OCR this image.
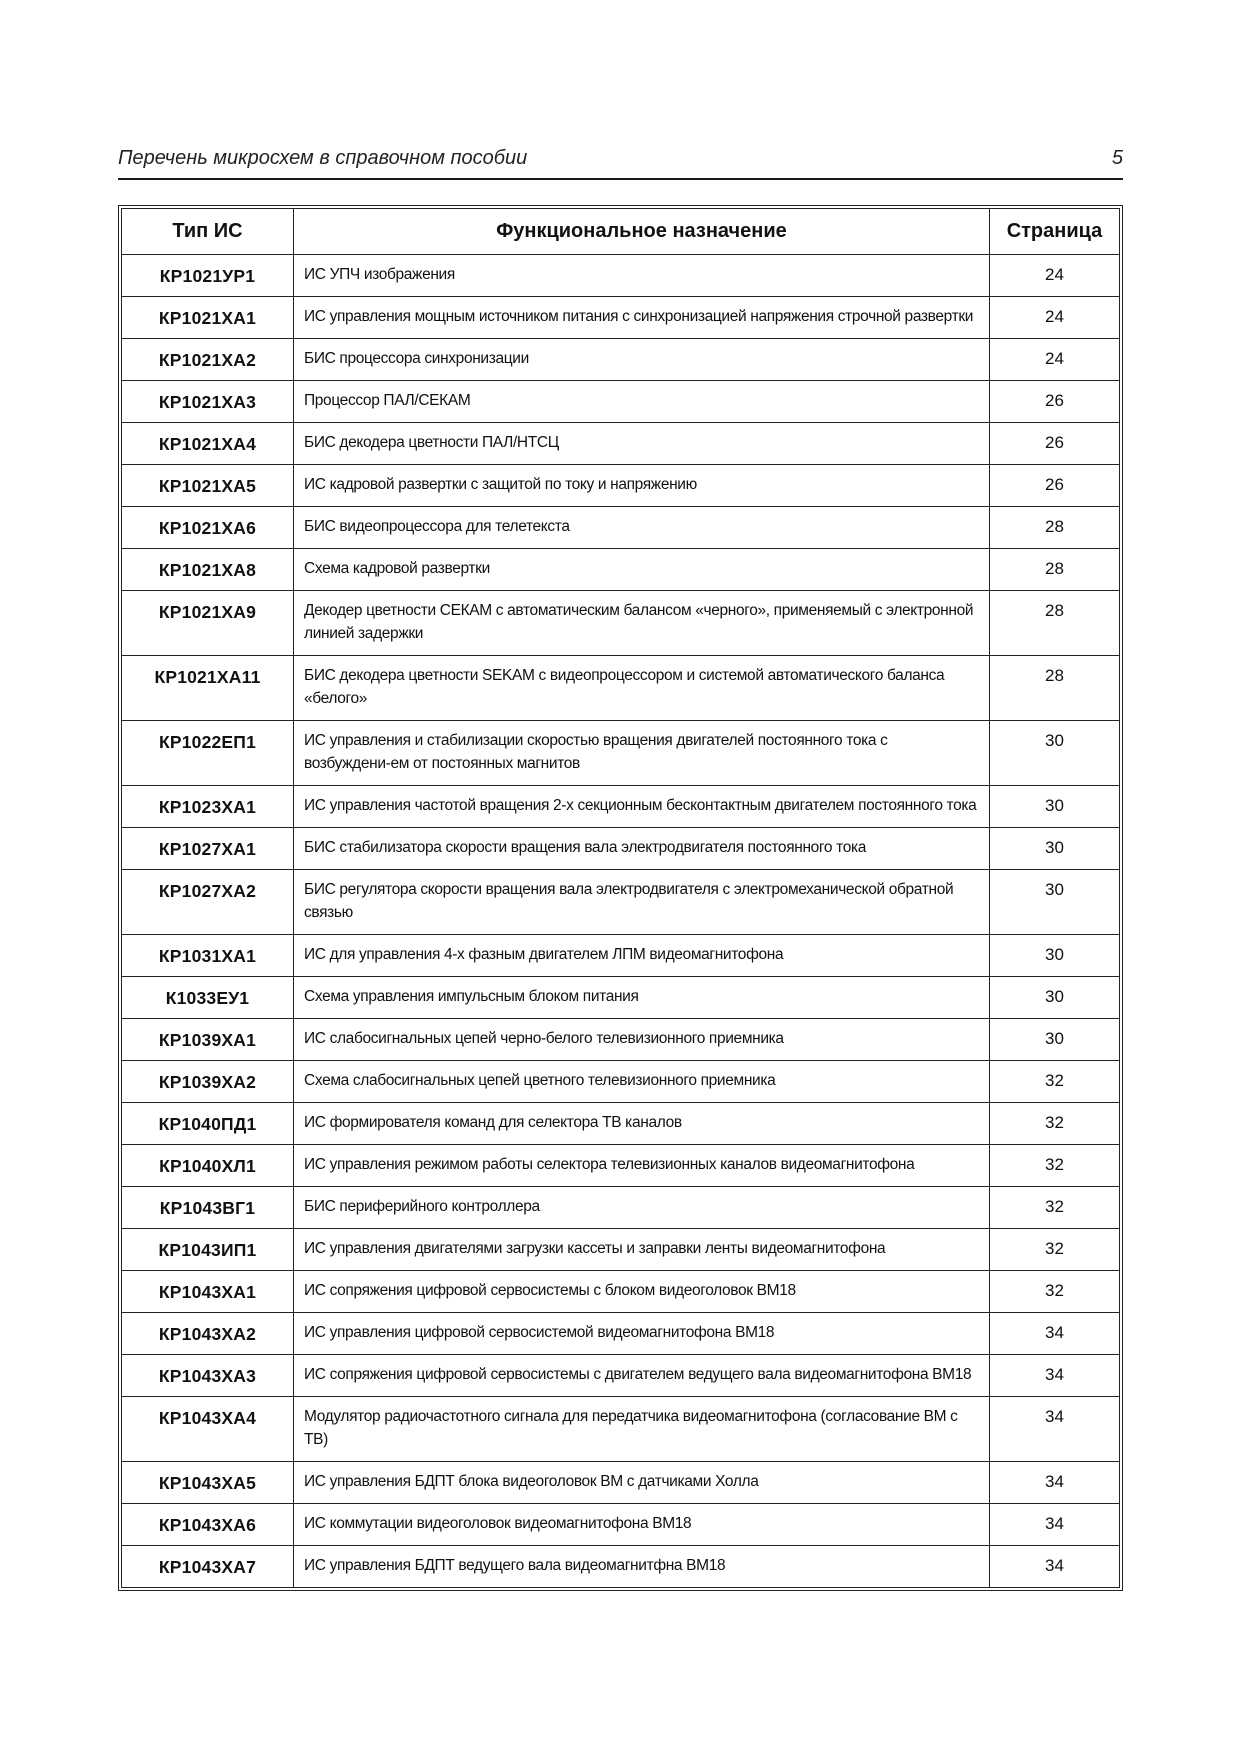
Перечень микросхем в справочном пособии	5
Тип ИС	Функциональное назначение	Страница
КР1021УР1	ИС УПЧ изображения	24
КР1021ХА1	ИС управления мощным источником питания с синхронизацией напряжения строчной развертки	24
КР1021ХА2	БИС процессора синхронизации	24
КР1021ХА3	Процессор ПАЛ/СЕКАМ	26
КР1021ХА4	БИС декодера цветности ПАЛ/НТСЦ	26
КР1021ХА5	ИС кадровой развертки с защитой по току и напряжению	26
КР1021ХА6	БИС видеопроцессора для телетекста	28
КР1021ХА8	Схема кадровой развертки	28
КР1021ХА9	Декодер цветности СЕКАМ с автоматическим балансом «черного», применяемый с электронной линией задержки	28
КР1021ХА11	БИС декодера цветности SEKAM с видеопроцессором и системой автоматического баланса «белого»	28
КР1022ЕП1	ИС управления и стабилизации скоростью вращения двигателей постоянного тока с возбуждени-ем от постоянных магнитов	30
КР1023ХА1	ИС управления частотой вращения 2-х секционным бесконтактным двигателем постоянного тока	30
КР1027ХА1	БИС стабилизатора скорости вращения вала электродвигателя постоянного тока	30
КР1027ХА2	БИС регулятора скорости вращения вала электродвигателя с электромеханической обратной связью	30
КР1031ХА1	ИС для управления 4-х фазным двигателем ЛПМ видеомагнитофона	30
К1033ЕУ1	Схема управления импульсным блоком питания	30
КР1039ХА1	ИС слабосигнальных цепей черно-белого телевизионного приемника	30
КР1039ХА2	Схема слабосигнальных цепей цветного телевизионного приемника	32
КР1040ПД1	ИС формирователя команд для селектора ТВ каналов	32
КР1040ХЛ1	ИС управления режимом работы селектора телевизионных каналов видеомагнитофона	32
КР1043ВГ1	БИС периферийного контроллера	32
КР1043ИП1	ИС управления двигателями загрузки кассеты и заправки ленты видеомагнитофона	32
КР1043ХА1	ИС сопряжения цифровой сервосистемы с блоком видеоголовок ВМ18	32
КР1043ХА2	ИС управления цифровой сервосистемой видеомагнитофона ВМ18	34
КР1043ХА3	ИС сопряжения цифровой сервосистемы с двигателем ведущего вала видеомагнитофона ВМ18	34
КР1043ХА4	Модулятор радиочастотного сигнала для передатчика видеомагнитофона (согласование ВМ с ТВ)	34
КР1043ХА5	ИС управления БДПТ блока видеоголовок ВМ с датчиками Холла	34
КР1043ХА6	ИС коммутации видеоголовок видеомагнитофона ВМ18	34
КР1043ХА7	ИС управления БДПТ ведущего вала видеомагнитфна ВМ18	34
